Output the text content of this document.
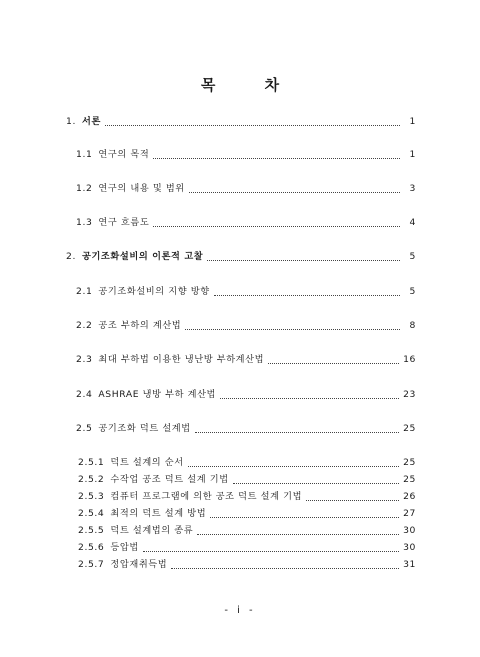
목 차
1. 서론	1
1.1 연구의 목적	1
1.2 연구의 내용 및 범위	3
1.3 연구 흐름도	4
2. 공기조화설비의 이론적 고찰	5
2.1 공기조화설비의 지향 방향	5
2.2 공조 부하의 계산법	8
2.3 최대 부하법 이용한 냉난방 부하계산법	16
2.4 ASHRAE 냉방 부하 계산법	23
2.5 공기조화 덕트 설계법	25
2.5.1 덕트 설계의 순서	25
2.5.2 수작업 공조 덕트 설계 기법	25
2.5.3 컴퓨터 프로그램에 의한 공조 덕트 설계 기법	26
2.5.4 최적의 덕트 설계 방법	27
2.5.5 덕트 설계법의 종류	30
2.5.6 등압법	30
2.5.7 정압재취득법	31
- i -
